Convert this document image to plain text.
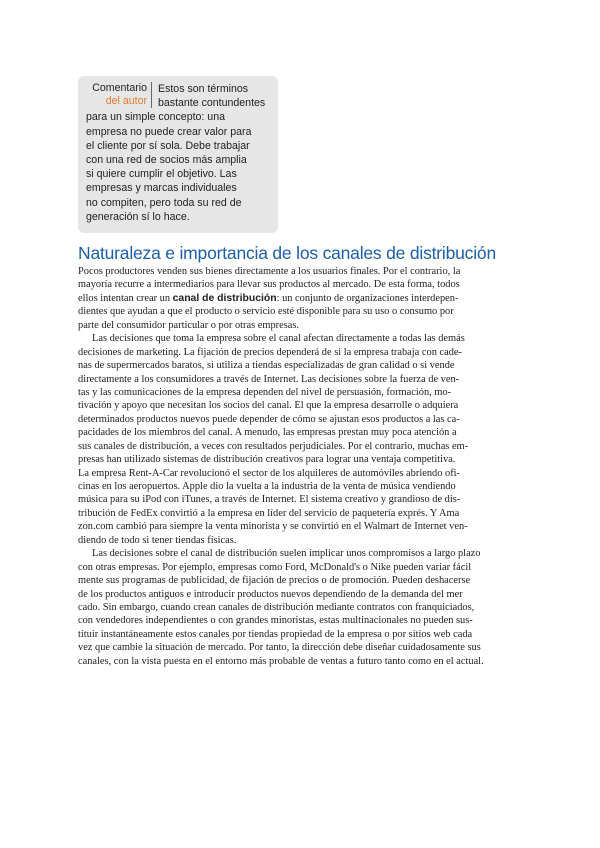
Comentario
del autor
Estos son términos
bastante contundentes
para un simple concepto: una
empresa no puede crear valor para
el cliente por sí sola. Debe trabajar
con una red de socios más amplia
si quiere cumplir el objetivo. Las
empresas y marcas individuales
no compiten, pero toda su red de
generación sí lo hace.
Naturaleza e importancia de los canales de distribución
Pocos productores venden sus bienes directamente a los usuarios finales. Por el contrario, la
mayoría recurre a intermediarios para llevar sus productos al mercado. De esta forma, todos
ellos intentan crear un canal de distribución: un conjunto de organizaciones interdepen-
dientes que ayudan a que el producto o servicio esté disponible para su uso o consumo por
parte del consumidor particular o por otras empresas.
Las decisiones que toma la empresa sobre el canal afectan directamente a todas las demás
decisiones de marketing. La fijación de precios dependerá de si la empresa trabaja con cade-
nas de supermercados baratos, si utiliza a tiendas especializadas de gran calidad o si vende
directamente a los consumidores a través de Internet. Las decisiones sobre la fuerza de ven-
tas y las comunicaciones de la empresa dependen del nivel de persuasión, formación, mo-
tivación y apoyo que necesitan los socios del canal. El que la empresa desarrolle o adquiera
determinados productos nuevos puede depender de cómo se ajustan esos productos a las ca-
pacidades de los miembros del canal. A menudo, las empresas prestan muy poca atención a
sus canales de distribución, a veces con resultados perjudiciales. Por el contrario, muchas em-
presas han utilizado sistemas de distribución creativos para lograr una ventaja competitiva.
La empresa Rent-A-Car revolucionó el sector de los alquileres de automóviles abriendo ofi-
cinas en los aeropuertos. Apple dio la vuelta a la industria de la venta de música vendiendo
música para su iPod con iTunes, a través de Internet. El sistema creativo y grandioso de dis-
tribución de FedEx convirtió a la empresa en líder del servicio de paquetería exprés. Y Ama
zon.com cambió para siempre la venta minorista y se convirtió en el Walmart de Internet ven-
diendo de todo si tener tiendas físicas.
Las decisiones sobre el canal de distribución suelen implicar unos compromisos a largo plazo
con otras empresas. Por ejemplo, empresas como Ford, McDonald's o Nike pueden variar fácil
mente sus programas de publicidad, de fijación de precios o de promoción. Pueden deshacerse
de los productos antiguos e introducir productos nuevos dependiendo de la demanda del mer
cado. Sin embargo, cuando crean canales de distribución mediante contratos con franquiciados,
con vendedores independientes o con grandes minoristas, estas multinacionales no pueden sus-
tituir instantáneamente estos canales por tiendas propiedad de la empresa o por sitios web cada
vez que cambie la situación de mercado. Por tanto, la dirección debe diseñar cuidadosamente sus
canales, con la vista puesta en el entorno más probable de ventas a futuro tanto como en el actual.
